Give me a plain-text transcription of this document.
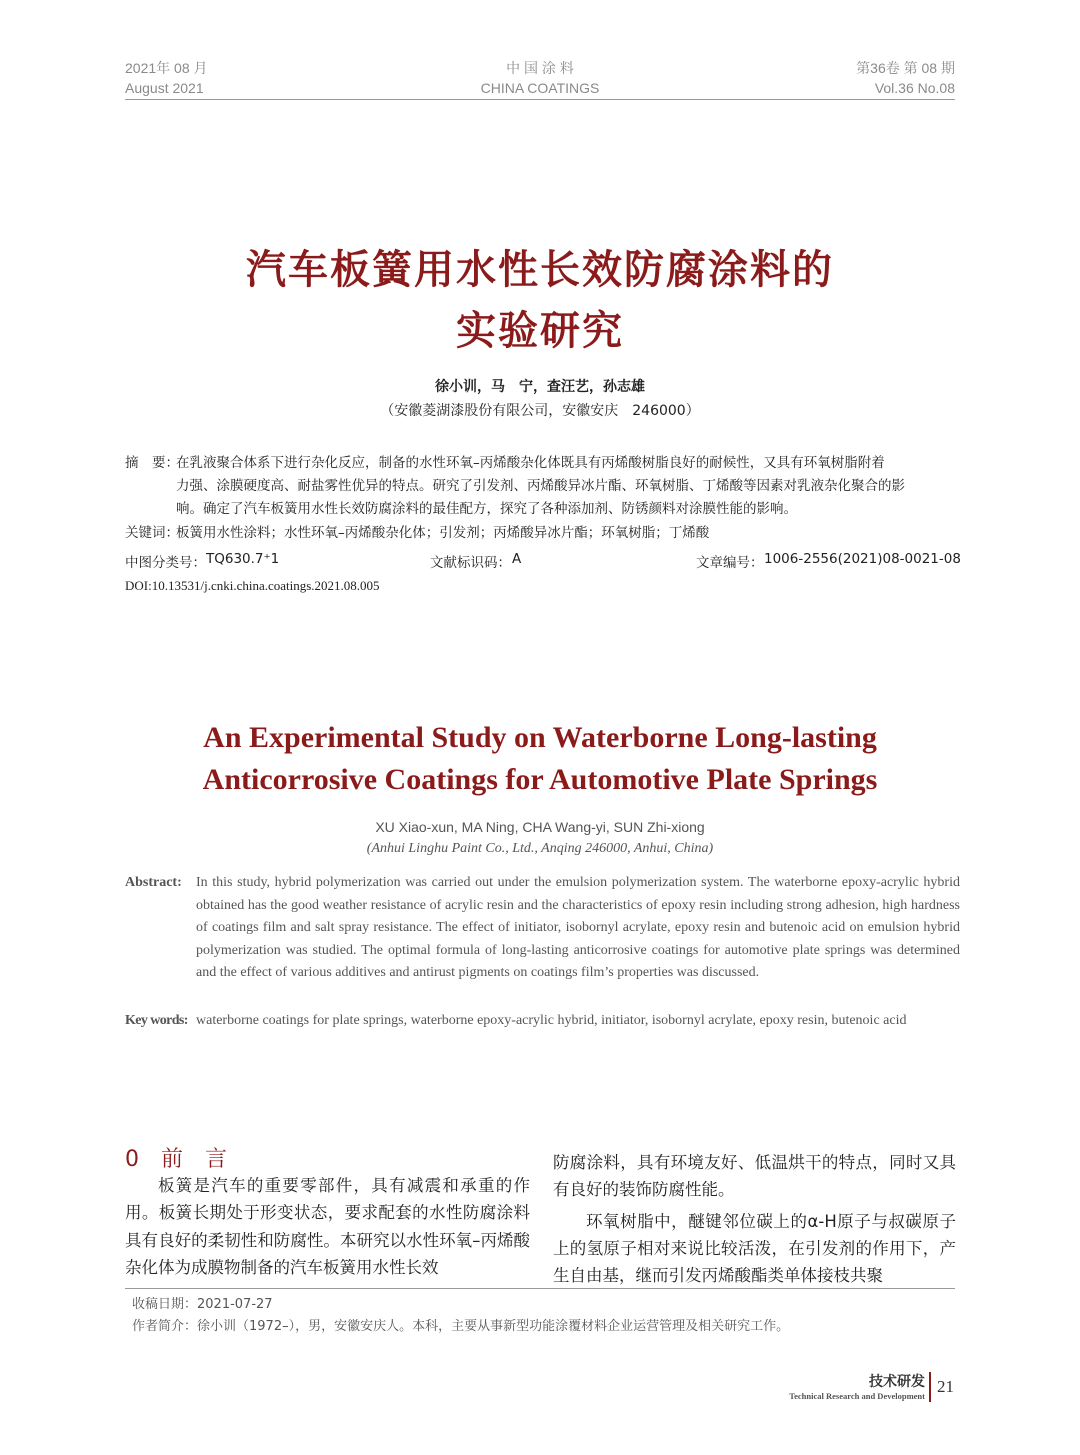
2021年 08 月
August 2021
中 国 涂 料
CHINA COATINGS
第36卷 第 08 期
Vol.36 No.08
汽车板簧用水性长效防腐涂料的
实验研究
徐小训，马　宁，查汪艺，孙志雄
（安徽菱湖漆股份有限公司，安徽安庆　246000）
摘　要：
在乳液聚合体系下进行杂化反应，制备的水性环氧–丙烯酸杂化体既具有丙烯酸树脂良好的耐候性，又具有环氧树脂附着
力强、涂膜硬度高、耐盐雾性优异的特点。研究了引发剂、丙烯酸异冰片酯、环氧树脂、丁烯酸等因素对乳液杂化聚合的影
响。确定了汽车板簧用水性长效防腐涂料的最佳配方，探究了各种添加剂、防锈颜料对涂膜性能的影响。
关键词：
板簧用水性涂料；水性环氧–丙烯酸杂化体；引发剂；丙烯酸异冰片酯；环氧树脂；丁烯酸
中图分类号： TQ630.7⁺1	文献标识码： A	文章编号： 1006-2556(2021)08-0021-08
DOI:10.13531/j.cnki.china.coatings.2021.08.005
An Experimental Study on Waterborne Long-lasting
Anticorrosive Coatings for Automotive Plate Springs
XU Xiao-xun, MA Ning, CHA Wang-yi, SUN Zhi-xiong
(Anhui Linghu Paint Co., Ltd., Anqing 246000, Anhui, China)
Abstract: In this study, hybrid polymerization was carried out under the emulsion polymerization system. The waterborne epoxy-acrylic hybrid obtained has the good weather resistance of acrylic resin and the characteristics of epoxy resin including strong adhesion, high hardness of coatings film and salt spray resistance. The effect of initiator, isobornyl acrylate, epoxy resin and butenoic acid on emulsion hybrid polymerization was studied. The optimal formula of long-lasting anticorrosive coatings for automotive plate springs was determined and the effect of various additives and antirust pigments on coatings film’s properties was discussed.
Key words: waterborne coatings for plate springs, waterborne epoxy-acrylic hybrid, initiator, isobornyl acrylate, epoxy resin, butenoic acid
0　前　言

板簧是汽车的重要零部件，具有减震和承重的作用。板簧长期处于形变状态，要求配套的水性防腐涂料具有良好的柔韧性和防腐性。本研究以水性环氧–丙烯酸杂化体为成膜物制备的汽车板簧用水性长效

防腐涂料，具有环境友好、低温烘干的特点，同时又具有良好的装饰防腐性能。

环氧树脂中，醚键邻位碳上的α-H原子与叔碳原子上的氢原子相对来说比较活泼，在引发剂的作用下，产生自由基，继而引发丙烯酸酯类单体接枝共聚

收稿日期：2021-07-27
作者简介：徐小训（1972–），男，安徽安庆人。本科，主要从事新型功能涂覆材料企业运营管理及相关研究工作。
技术研发
Technical Research and Development 21
